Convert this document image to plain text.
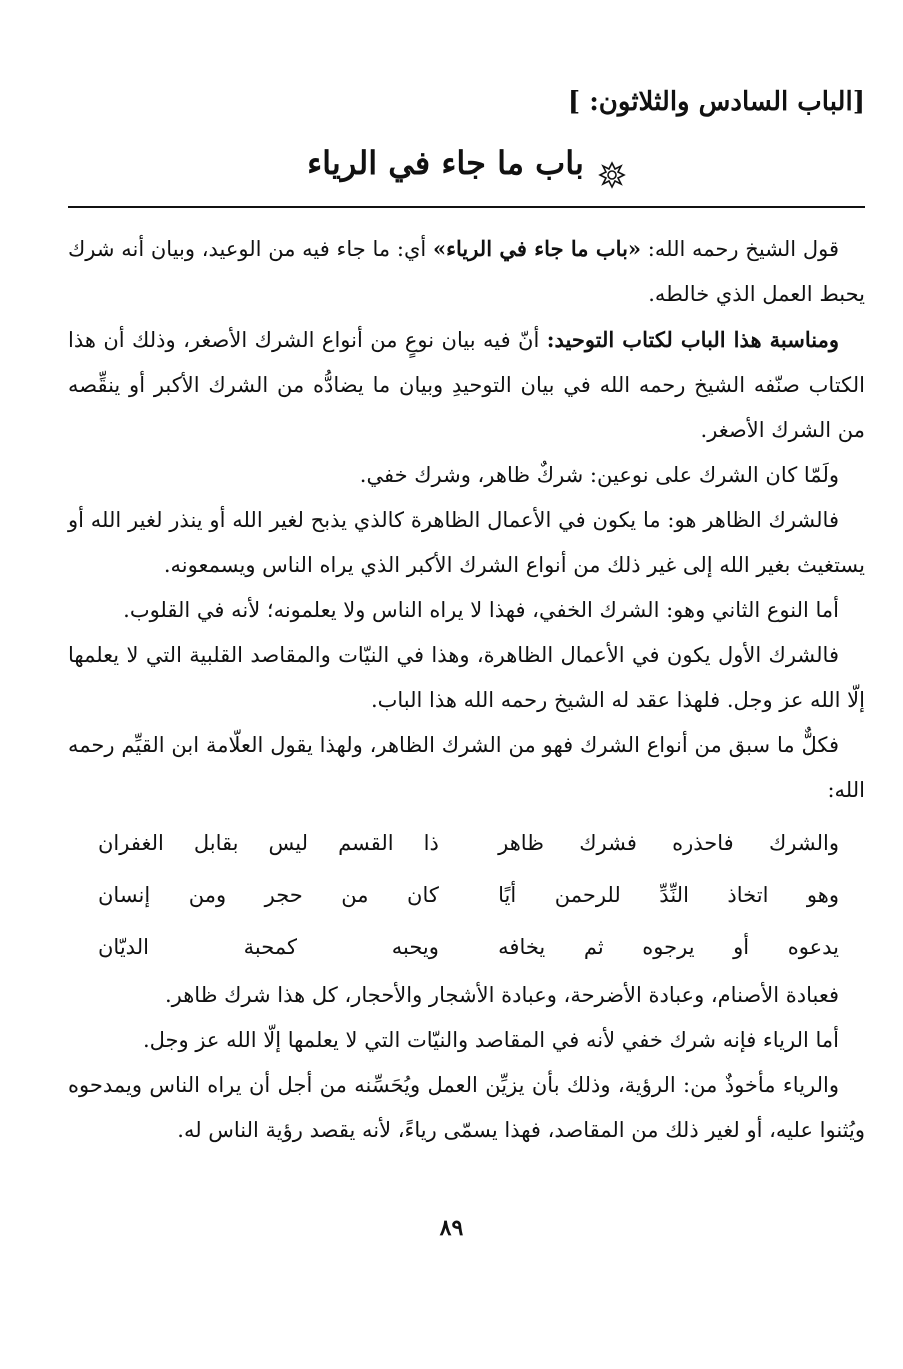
[الباب السادس والثلاثون: ]

باب ما جاء في الرياء

قول الشيخ رحمه الله: «باب ما جاء في الرياء» أي: ما جاء فيه من الوعيد، وبيان أنه شرك يحبط العمل الذي خالطه.

ومناسبة هذا الباب لكتاب التوحيد: أنّ فيه بيان نوعٍ من أنواع الشرك الأصغر، وذلك أن هذا الكتاب صنّفه الشيخ رحمه الله في بيان التوحيدِ وبيان ما يضادُّه من الشرك الأكبر أو ينقِّصه من الشرك الأصغر.

ولَمّا كان الشرك على نوعين: شركٌ ظاهر، وشرك خفي.

فالشرك الظاهر هو: ما يكون في الأعمال الظاهرة كالذي يذبح لغير الله أو ينذر لغير الله أو يستغيث بغير الله إلى غير ذلك من أنواع الشرك الأكبر الذي يراه الناس ويسمعونه.

أما النوع الثاني وهو: الشرك الخفي، فهذا لا يراه الناس ولا يعلمونه؛ لأنه في القلوب.

فالشرك الأول يكون في الأعمال الظاهرة، وهذا في النيّات والمقاصد القلبية التي لا يعلمها إلّا الله عز وجل. فلهذا عقد له الشيخ رحمه الله هذا الباب.

فكلٌّ ما سبق من أنواع الشرك فهو من الشرك الظاهر، ولهذا يقول العلّامة ابن القيِّم رحمه الله:

والشرك فاحذره فشرك ظاهر
ذا القسم ليس بقابل الغفران
وهو اتخاذ النِّدِّ للرحمن أيًا
كان من حجر ومن إنسان
يدعوه أو يرجوه ثم يخافه
ويحبه كمحبة الديّان

فعبادة الأصنام، وعبادة الأضرحة، وعبادة الأشجار والأحجار، كل هذا شرك ظاهر.

أما الرياء فإنه شرك خفي لأنه في المقاصد والنيّات التي لا يعلمها إلّا الله عز وجل.

والرياء مأخوذٌ من: الرؤية، وذلك بأن يزيِّن العمل ويُحَسِّنه من أجل أن يراه الناس ويمدحوه ويُثنوا عليه، أو لغير ذلك من المقاصد، فهذا يسمّى رياءً، لأنه يقصد رؤية الناس له.

٨٩
